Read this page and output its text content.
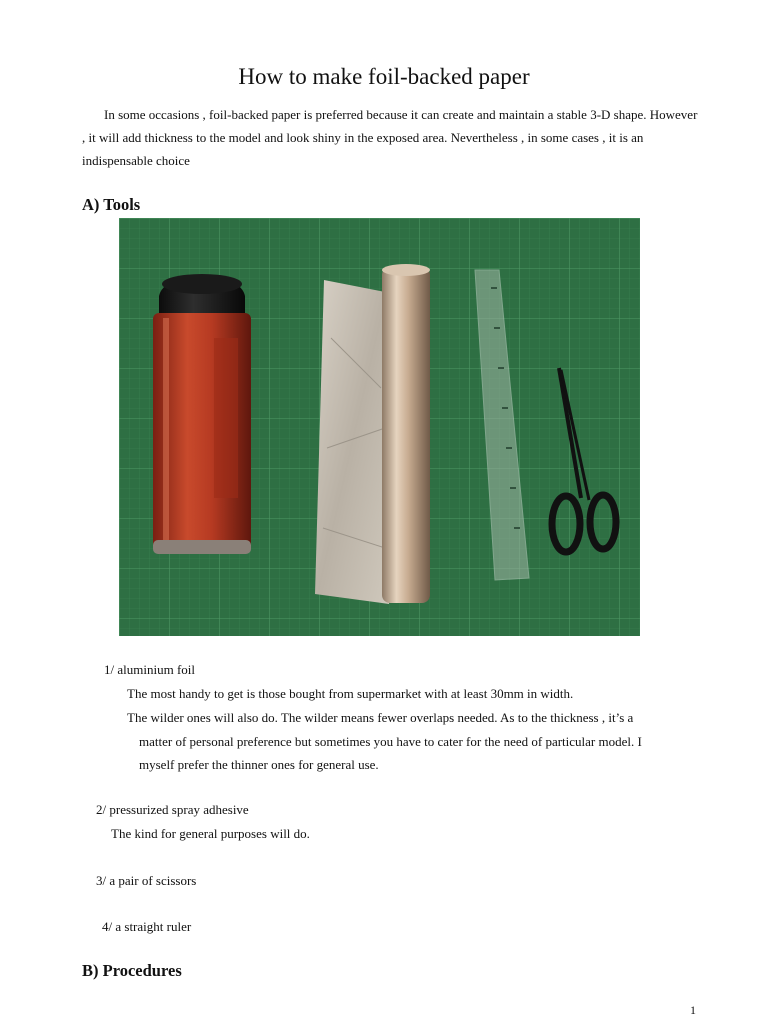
How to make foil-backed paper

In some occasions , foil-backed paper is preferred because it can create and maintain a stable 3-D shape. However , it will add thickness to the model and look shiny in the exposed area. Nevertheless , in some cases , it is an indispensable choice

A) Tools

1/ aluminium foil

The most handy to get is those bought from supermarket with at least 30mm in width.

The wilder ones will also do. The wilder means fewer overlaps needed. As to the thickness , it’s a

matter of personal preference but sometimes you have to cater for the need of particular model. I

myself prefer the thinner ones for general use.

2/ pressurized spray adhesive

The kind for general purposes will do.

3/ a pair of scissors

4/ a straight ruler

B) Procedures
1
